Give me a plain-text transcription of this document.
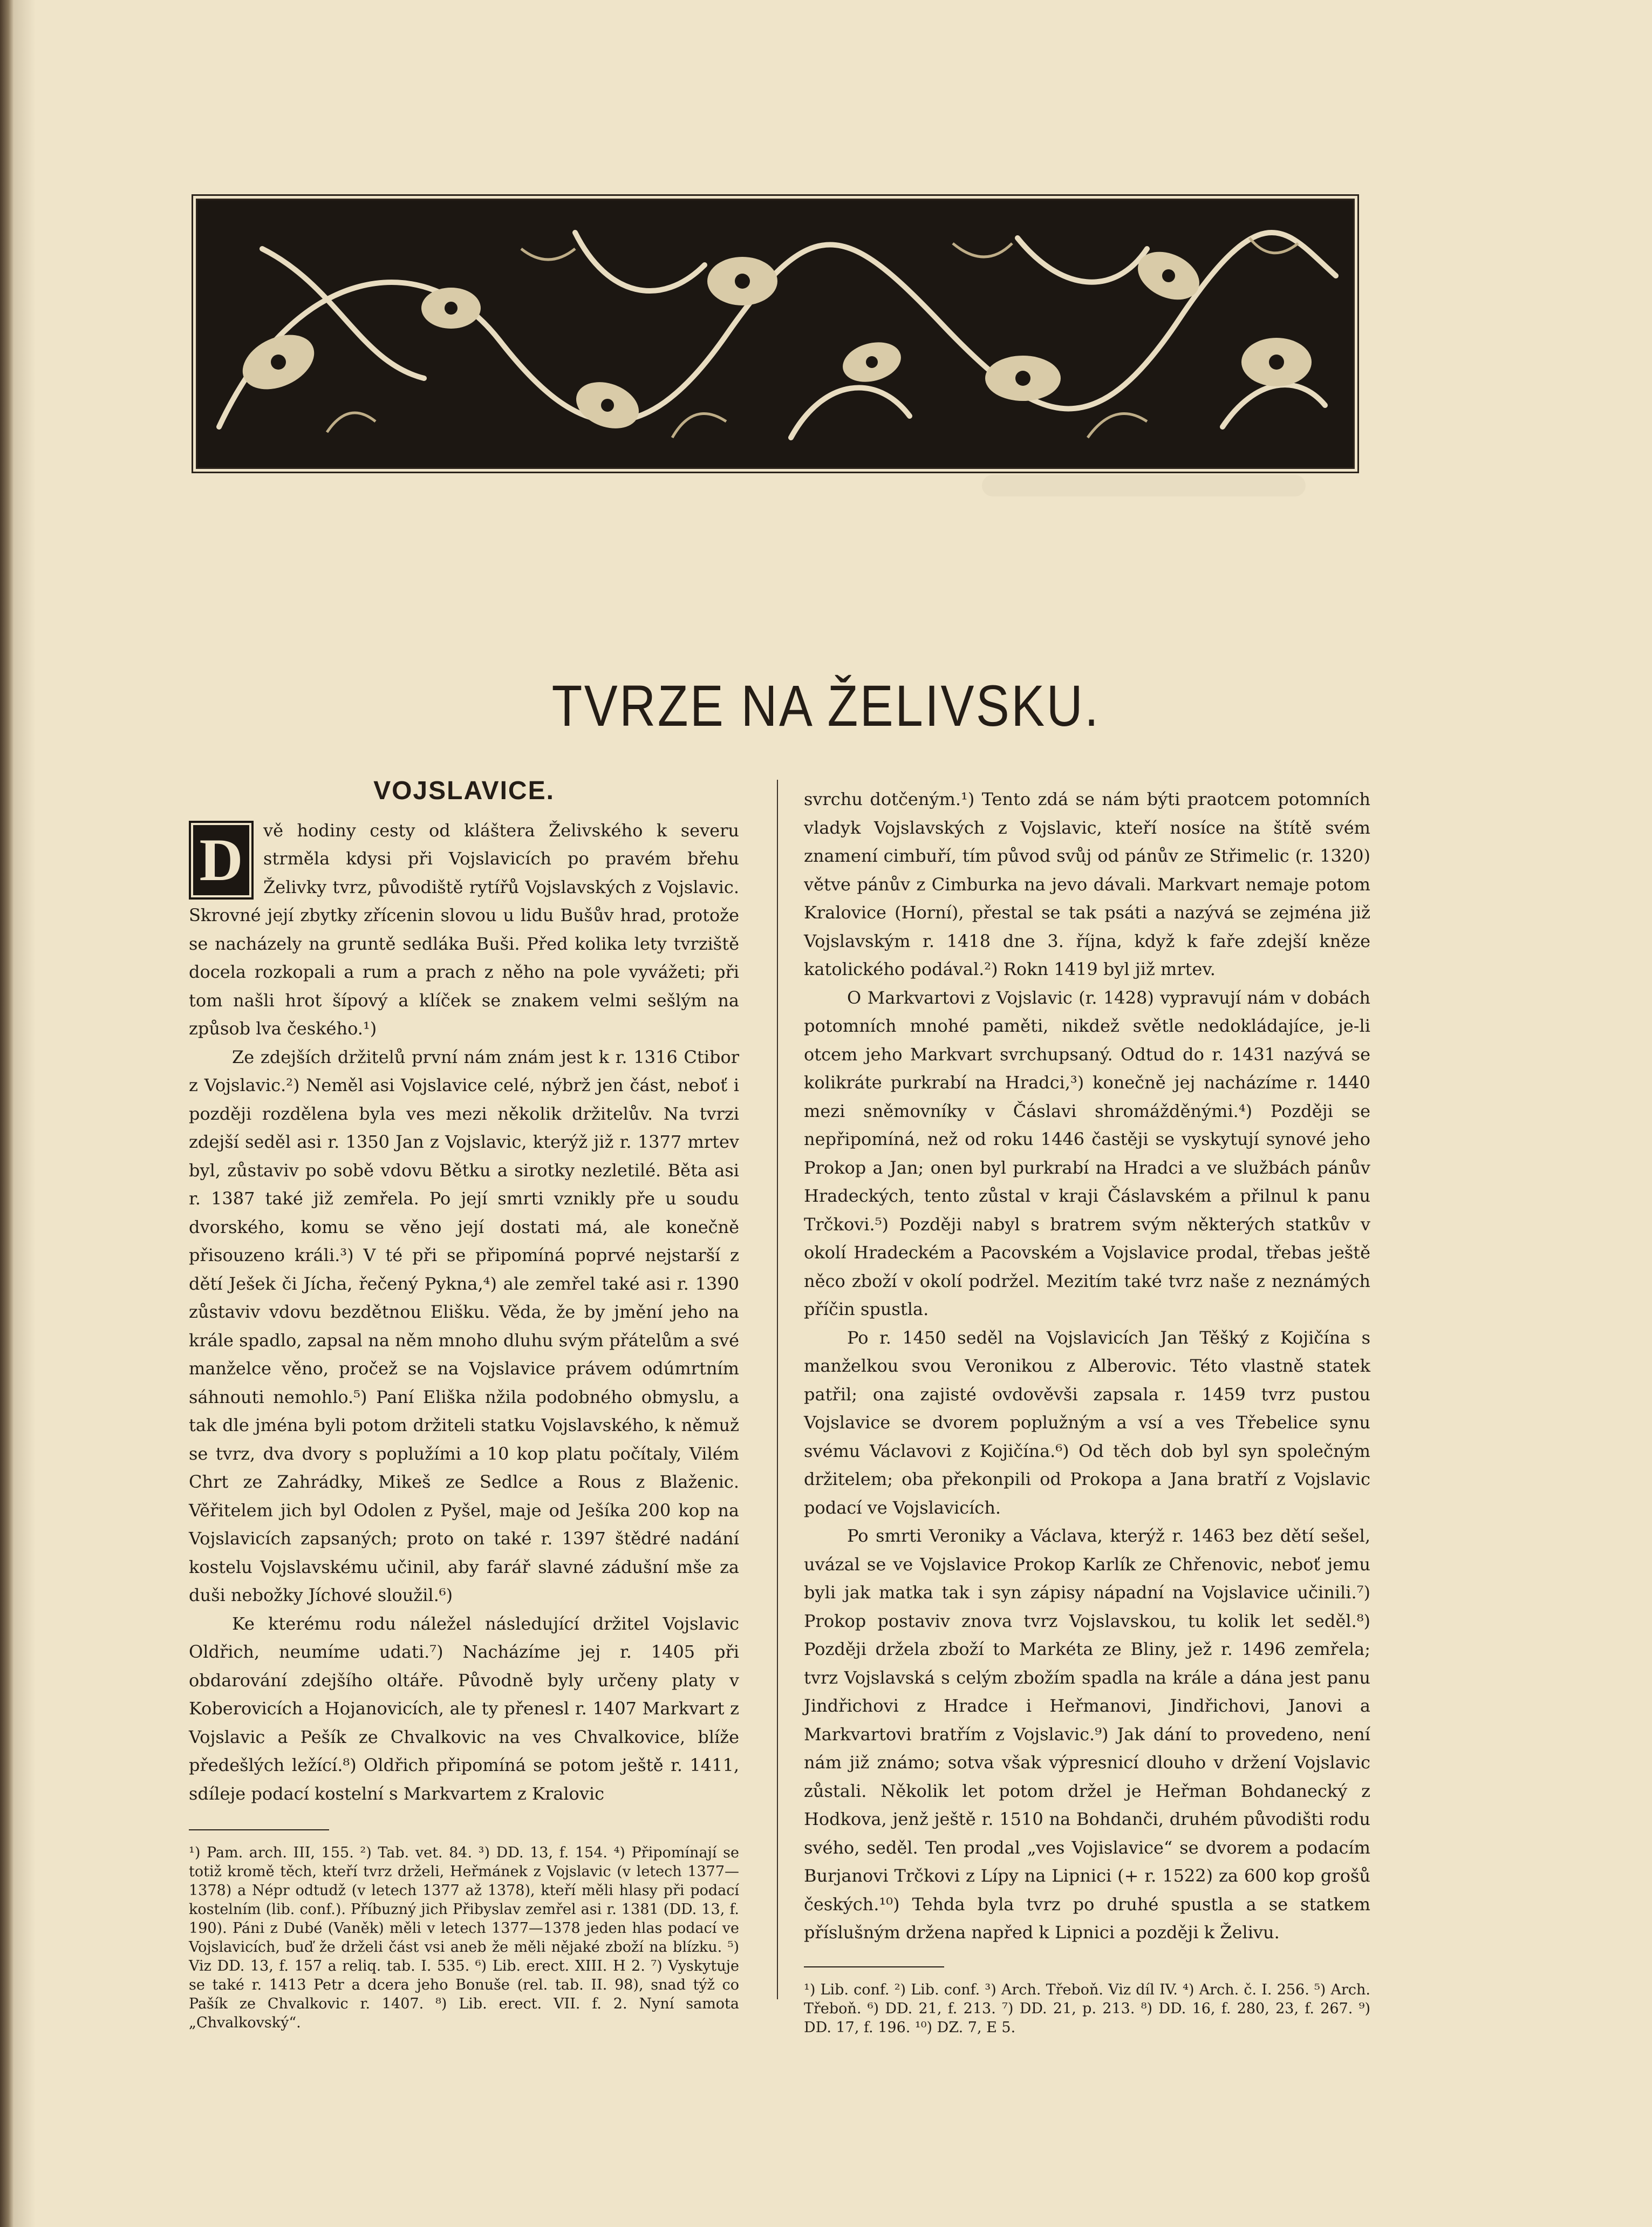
TVRZE NA ŽELIVSKU.
VOJSLAVICE.

D	vě hodiny cesty od kláštera Želivského k severu strměla kdysi při Vojslavicích po pravém břehu Želivky tvrz, původiště rytířů Vojslavských z Vojslavic. Skrovné její zbytky zřícenin slovou u lidu Bušův hrad, protože se nacházely na gruntě sedláka Buši. Před kolika lety tvrziště docela rozkopali a rum a prach z něho na pole vyvážeti; při tom našli hrot šípový a klíček se znakem velmi sešlým na způsob lva českého.¹)

Ze zdejších držitelů první nám znám jest k r. 1316 Ctibor z Vojslavic.²) Neměl asi Vojslavice celé, nýbrž jen část, neboť i později rozdělena byla ves mezi několik držitelův. Na tvrzi zdejší seděl asi r. 1350 Jan z Vojslavic, kterýž již r. 1377 mrtev byl, zůstaviv po sobě vdovu Bětku a sirotky nezletilé. Běta asi r. 1387 také již zemřela. Po její smrti vznikly pře u soudu dvorského, komu se věno její dostati má, ale konečně přisouzeno králi.³) V té při se připomíná poprvé nejstarší z dětí Ješek či Jícha, řečený Pykna,⁴) ale zemřel také asi r. 1390 zůstaviv vdovu bezdětnou Elišku. Věda, že by jmění jeho na krále spadlo, zapsal na něm mnoho dluhu svým přátelům a své manželce věno, pročež se na Vojslavice právem odúmrtním sáhnouti nemohlo.⁵) Paní Eliška nžila podobného obmyslu, a tak dle jména byli potom držiteli statku Vojslavského, k němuž se tvrz, dva dvory s poplužími a 10 kop platu počítaly, Vilém Chrt ze Zahrádky, Mikeš ze Sedlce a Rous z Blaženic. Věřitelem jich byl Odolen z Pyšel, maje od Ješíka 200 kop na Vojslavicích zapsaných; proto on také r. 1397 štědré nadání kostelu Vojslavskému učinil, aby farář slavné zádušní mše za duši nebožky Jíchové sloužil.⁶)

Ke kterému rodu náležel následující držitel Vojslavic Oldřich, neumíme udati.⁷) Nacházíme jej r. 1405 při obdarování zdejšího oltáře. Původně byly určeny platy v Koberovicích a Hojanovicích, ale ty přenesl r. 1407 Markvart z Vojslavic a Pešík ze Chvalkovic na ves Chvalkovice, blíže předešlých ležící.⁸) Oldřich připomíná se potom ještě r. 1411, sdíleje podací kostelní s Markvartem z Kralovic

¹) Pam. arch. III, 155. ²) Tab. vet. 84. ³) DD. 13, f. 154. ⁴) Připomínají se totiž kromě těch, kteří tvrz drželi, Heřmánek z Vojslavic (v letech 1377—1378) a Népr odtudž (v letech 1377 až 1378), kteří měli hlasy při podací kostelním (lib. conf.). Příbuzný jich Přibyslav zemřel asi r. 1381 (DD. 13, f. 190). Páni z Dubé (Vaněk) měli v letech 1377—1378 jeden hlas podací ve Vojslavicích, buď že drželi část vsi aneb že měli nějaké zboží na blízku. ⁵) Viz DD. 13, f. 157 a reliq. tab. I. 535. ⁶) Lib. erect. XIII. H 2. ⁷) Vyskytuje se také r. 1413 Petr a dcera jeho Bonuše (rel. tab. II. 98), snad týž co Pašík ze Chvalkovic r. 1407. ⁸) Lib. erect. VII. f. 2. Nyní samota „Chvalkovský“.

svrchu dotčeným.¹) Tento zdá se nám býti praotcem potomních vladyk Vojslavských z Vojslavic, kteří nosíce na štítě svém znamení cimbuří, tím původ svůj od pánův ze Střimelic (r. 1320) větve pánův z Cimburka na jevo dávali. Markvart nemaje potom Kralovice (Horní), přestal se tak psáti a nazývá se zejména již Vojslavským r. 1418 dne 3. října, když k faře zdejší kněze katolického podával.²) Rokn 1419 byl již mrtev.

O Markvartovi z Vojslavic (r. 1428) vypravují nám v dobách potomních mnohé paměti, nikdež světle nedokládajíce, je-li otcem jeho Markvart svrchupsaný. Odtud do r. 1431 nazývá se kolikráte purkrabí na Hradci,³) konečně jej nacházíme r. 1440 mezi sněmovníky v Čáslavi shromážděnými.⁴) Později se nepřipomíná, než od roku 1446 častěji se vyskytují synové jeho Prokop a Jan; onen byl purkrabí na Hradci a ve službách pánův Hradeckých, tento zůstal v kraji Čáslavském a přilnul k panu Trčkovi.⁵) Později nabyl s bratrem svým některých statkův v okolí Hradeckém a Pacovském a Vojslavice prodal, třebas ještě něco zboží v okolí podržel. Mezitím také tvrz naše z neznámých příčin spustla.

Po r. 1450 seděl na Vojslavicích Jan Těšký z Kojičína s manželkou svou Veronikou z Alberovic. Této vlastně statek patřil; ona zajisté ovdověvši zapsala r. 1459 tvrz pustou Vojslavice se dvorem poplužným a vsí a ves Třebelice synu svému Václavovi z Kojičína.⁶) Od těch dob byl syn společným držitelem; oba překonpili od Prokopa a Jana bratří z Vojslavic podací ve Vojslavicích.

Po smrti Veroniky a Václava, kterýž r. 1463 bez dětí sešel, uvázal se ve Vojslavice Prokop Karlík ze Chřenovic, neboť jemu byli jak matka tak i syn zápisy nápadní na Vojslavice učinili.⁷) Prokop postaviv znova tvrz Vojslavskou, tu kolik let seděl.⁸) Později držela zboží to Markéta ze Bliny, jež r. 1496 zemřela; tvrz Vojslavská s celým zbožím spadla na krále a dána jest panu Jindřichovi z Hradce i Heřmanovi, Jindřichovi, Janovi a Markvartovi bratřím z Vojslavic.⁹) Jak dání to provedeno, není nám již známo; sotva však výpresnicí dlouho v držení Vojslavic zůstali. Několik let potom držel je Heřman Bohdanecký z Hodkova, jenž ještě r. 1510 na Bohdanči, druhém původišti rodu svého, seděl. Ten prodal „ves Vojislavice“ se dvorem a podacím Burjanovi Trčkovi z Lípy na Lipnici (+ r. 1522) za 600 kop grošů českých.¹⁰) Tehda byla tvrz po druhé spustla a se statkem příslušným držena napřed k Lipnici a později k Želivu.

¹) Lib. conf. ²) Lib. conf. ³) Arch. Třeboň. Viz díl IV. ⁴) Arch. č. I. 256. ⁵) Arch. Třeboň. ⁶) DD. 21, f. 213. ⁷) DD. 21, p. 213. ⁸) DD. 16, f. 280, 23, f. 267. ⁹) DD. 17, f. 196. ¹⁰) DZ. 7, E 5.
